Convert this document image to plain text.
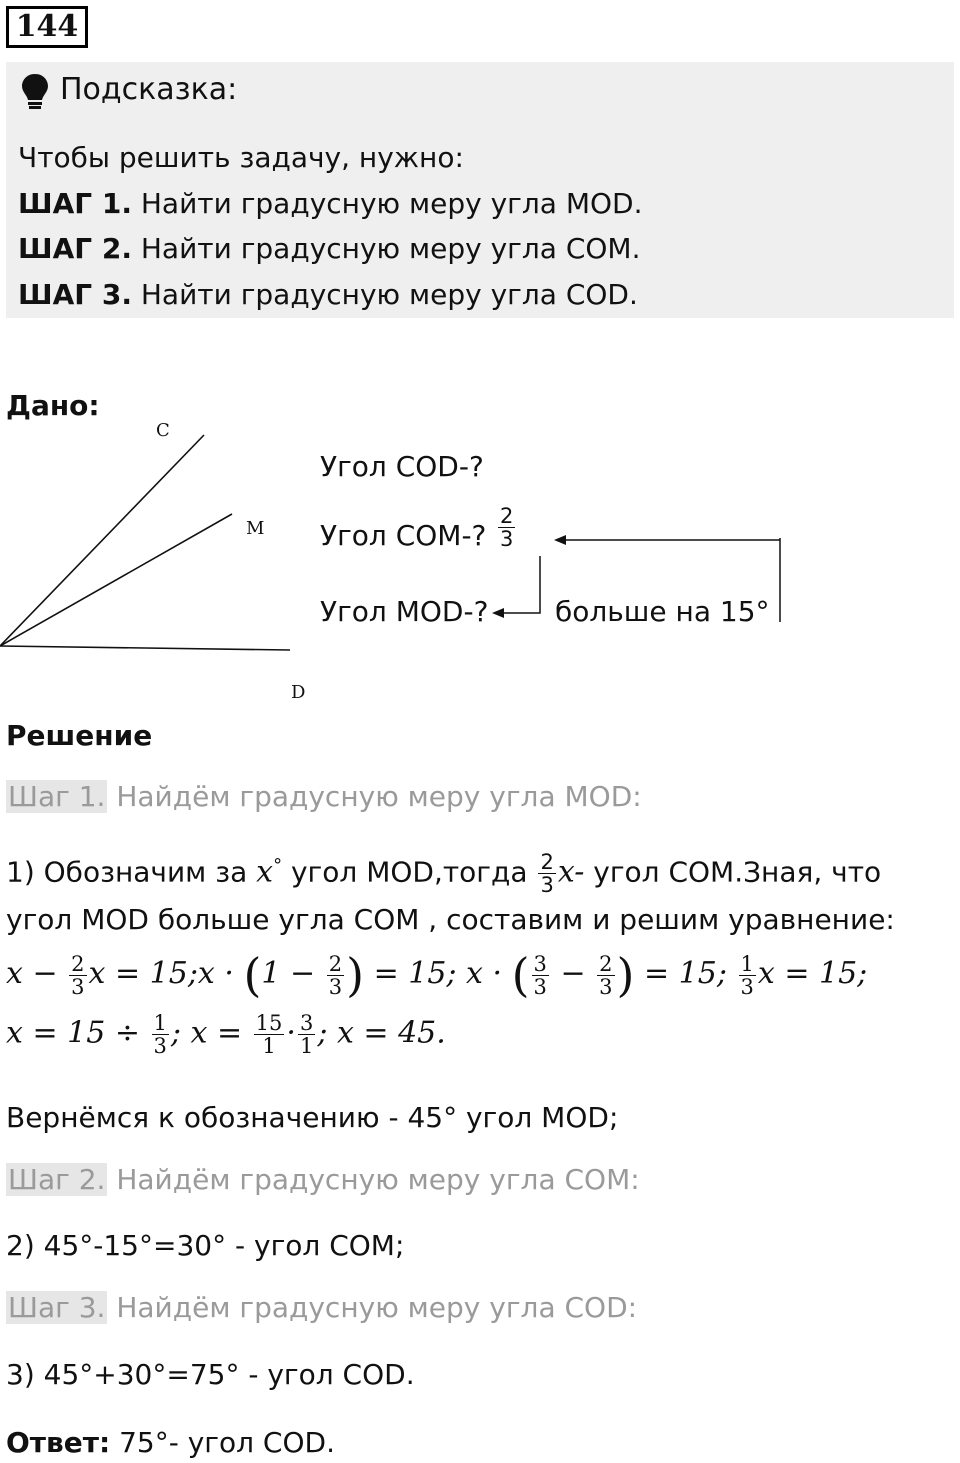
144
Подсказка:
Чтобы решить задачу, нужно:
ШАГ 1. Найти градусную меру угла MOD.
ШАГ 2. Найти градусную меру угла COM.
ШАГ 3. Найти градусную меру угла COD.
Дано:
C
M
D
Угол COD-?
Угол COM-? $\frac{2}{3}$
Угол MOD-? больше на 15°
Решение
Шаг 1. Найдём градусную меру угла MOD:
1) Обозначим за x° угол MOD,тогда $\frac{2}{3} x-$ угол COM.Зная, что
угол MOD больше угла COM , составим и решим уравнение:
$x - \frac{2}{3}$ x = 15;x · ($1 - \frac{2}{3}$ ) = 15; x · ( $\frac{3}{3} - \frac{2}{3}$ ) = 15; $\frac{1}{3}$ x = 15;
$x = 15 \div \frac{1}{3}$ ; $x = \frac{15}{1} \cdot \frac{3}{1}$ ; x = 45.
Вернёмся к обозначению - 45° угол MOD;
Шаг 2. Найдём градусную меру угла COM:
2) 45°-15°=30° - угол COM;
Шаг 3. Найдём градусную меру угла COD:
3) 45°+30°=75° - угол COD.
Ответ: 75°- угол COD.
